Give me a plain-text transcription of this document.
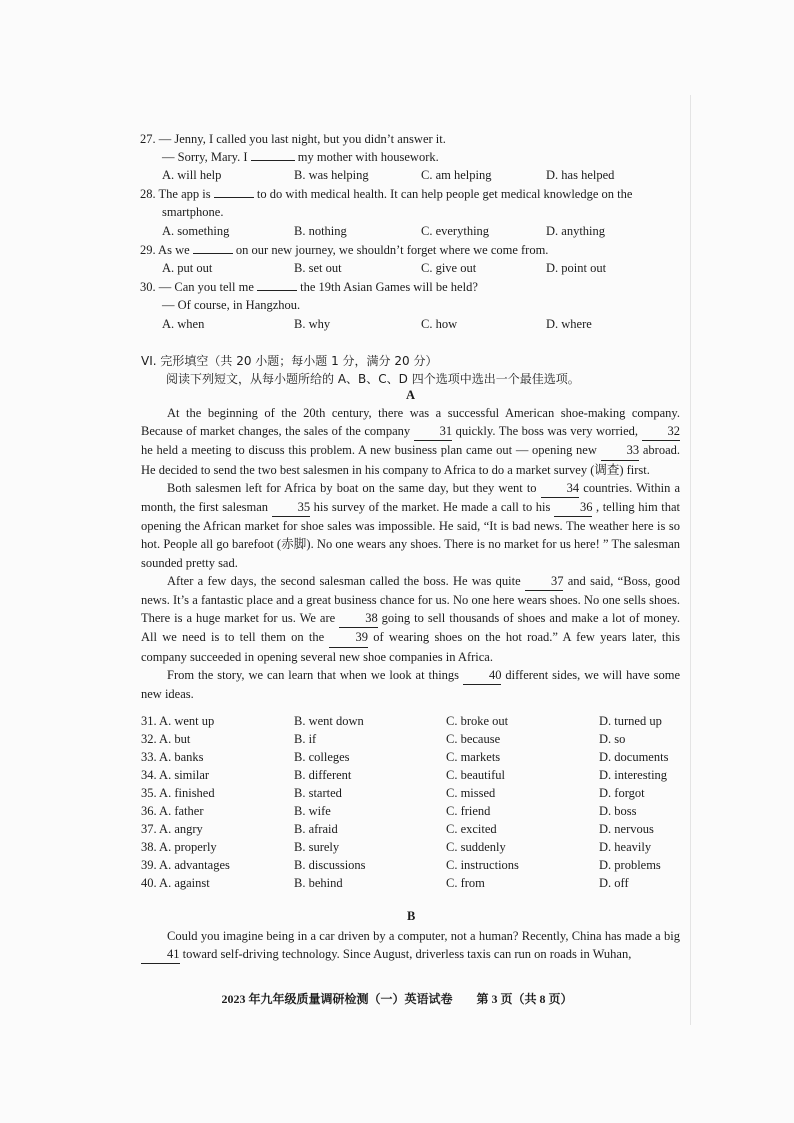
27. — Jenny, I called you last night, but you didn’t answer it.
— Sorry, Mary. I	my mother with housework.
A. will help	B. was helping	C. am helping	D. has helped
28. The app is	to do with medical health. It can help people get medical knowledge on the
smartphone.
A. something	B. nothing	C. everything	D. anything
29. As we	on our new journey, we shouldn’t forget where we come from.
A. put out	B. set out	C. give out	D. point out
30. — Can you tell me	the 19th Asian Games will be held?
— Of course, in Hangzhou.
A. when	B. why	C. how	D. where
VI. 完形填空（共 20 小题；每小题 1 分，满分 20 分）
阅读下列短文，从每小题所给的 A、B、C、D 四个选项中选出一个最佳选项。
A

At the beginning of the 20th century, there was a successful American shoe-making company. Because of market changes, the sales of the company 31 quickly. The boss was very worried, 32 he held a meeting to discuss this problem. A new business plan came out — opening new 33 abroad. He decided to send the two best salesmen in his company to Africa to do a market survey (调查) first.

Both salesmen left for Africa by boat on the same day, but they went to 34 countries. Within a month, the first salesman 35 his survey of the market. He made a call to his 36 , telling him that opening the African market for shoe sales was impossible. He said, “It is bad news. The weather here is so hot. People all go barefoot (赤脚). No one wears any shoes. There is no market for us here! ” The salesman sounded pretty sad.

After a few days, the second salesman called the boss. He was quite 37 and said, “Boss, good news. It’s a fantastic place and a great business chance for us. No one here wears shoes. No one sells shoes. There is a huge market for us. We are 38 going to sell thousands of shoes and make a lot of money. All we need is to tell them on the 39 of wearing shoes on the hot road.” A few years later, this company succeeded in opening several new shoe companies in Africa.

From the story, we can learn that when we look at things 40 different sides, we will have some new ideas.

31. A. went up	B. went down	C. broke out	D. turned up
32. A. but	B. if	C. because	D. so
33. A. banks	B. colleges	C. markets	D. documents
34. A. similar	B. different	C. beautiful	D. interesting
35. A. finished	B. started	C. missed	D. forgot
36. A. father	B. wife	C. friend	D. boss
37. A. angry	B. afraid	C. excited	D. nervous
38. A. properly	B. surely	C. suddenly	D. heavily
39. A. advantages	B. discussions	C. instructions	D. problems
40. A. against	B. behind	C. from	D. off
B

Could you imagine being in a car driven by a computer, not a human? Recently, China has made a big 41 toward self-driving technology. Since August, driverless taxis can run on roads in Wuhan,

2023 年九年级质量调研检测（一）英语试卷　　第 3 页（共 8 页）
